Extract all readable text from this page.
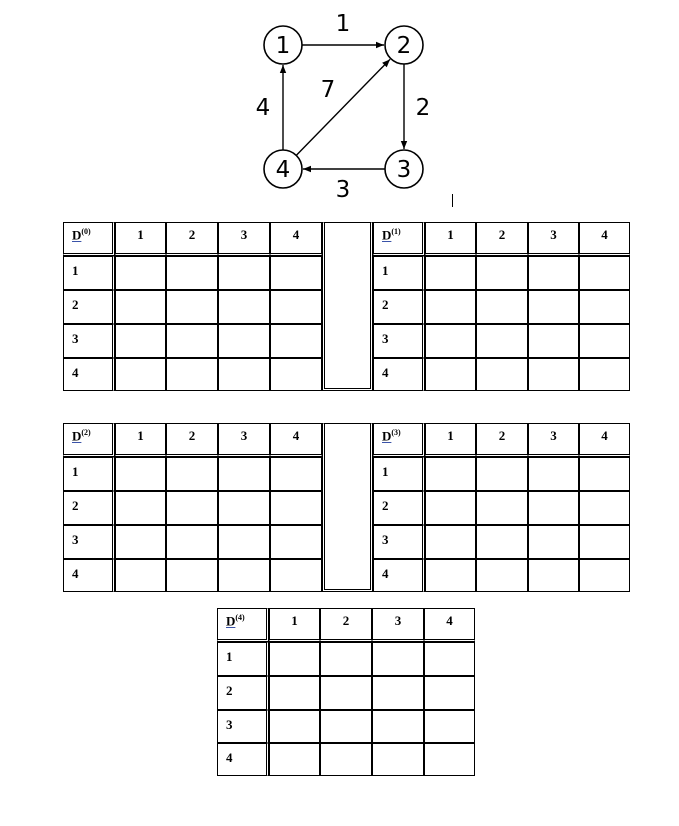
1
2
3
4
7
1	2
3
4
$D^{(0)}$	1	2	3	4		$D^{(1)}$	1	2	3	4
1						1				
2						2				
3						3				
4						4				
$D^{(2)}$	1	2	3	4		$D^{(3)}$	1	2	3	4
1						1				
2						2				
3						3				
4						4				
$D^{(4)}$	1	2	3	4
1				
2				
3				
4				
